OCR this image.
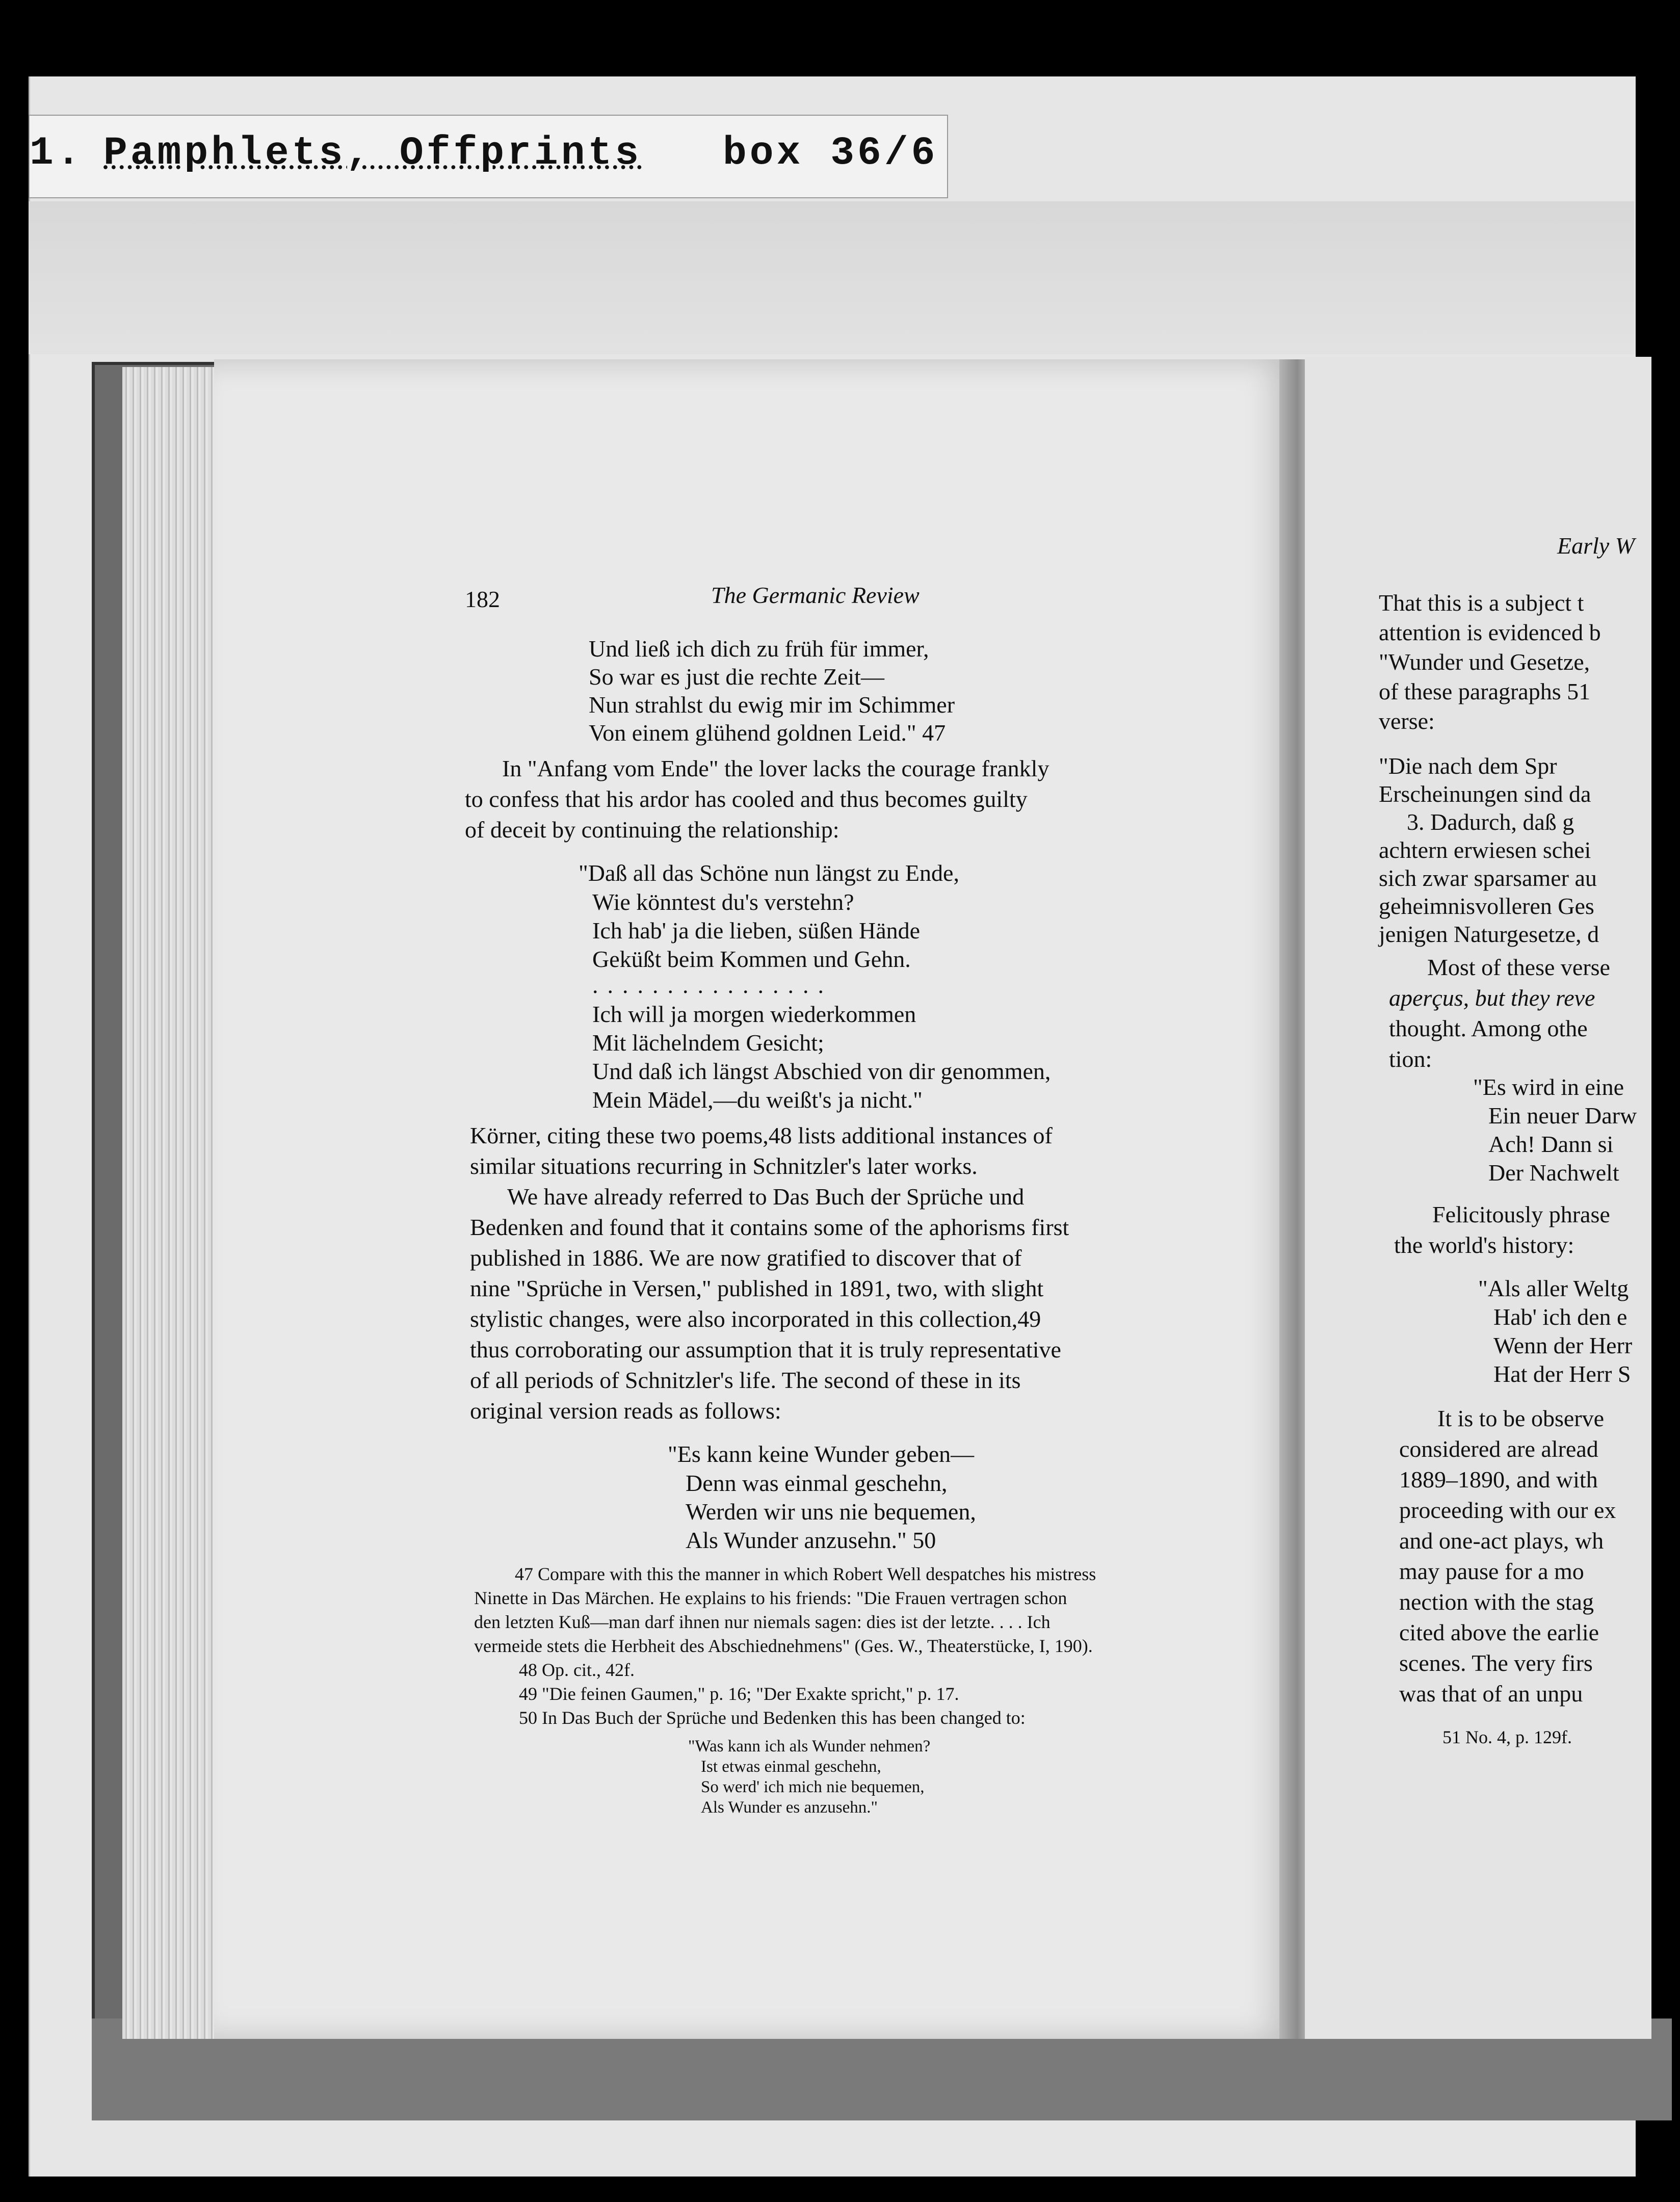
1. Pamphlets, Offprints box 36/6
182	The Germanic Review
Und ließ ich dich zu früh für immer,
So war es just die rechte Zeit—
Nun strahlst du ewig mir im Schimmer
Von einem glühend goldnen Leid." 47
In "Anfang vom Ende" the lover lacks the courage frankly
to confess that his ardor has cooled and thus becomes guilty
of deceit by continuing the relationship:
"Daß all das Schöne nun längst zu Ende,
Wie könntest du's verstehn?
Ich hab' ja die lieben, süßen Hände
Geküßt beim Kommen und Gehn.
................
Ich will ja morgen wiederkommen
Mit lächelndem Gesicht;
Und daß ich längst Abschied von dir genommen,
Mein Mädel,—du weißt's ja nicht."
Körner, citing these two poems,48 lists additional instances of
similar situations recurring in Schnitzler's later works.
We have already referred to Das Buch der Sprüche und
Bedenken and found that it contains some of the aphorisms first
published in 1886. We are now gratified to discover that of
nine "Sprüche in Versen," published in 1891, two, with slight
stylistic changes, were also incorporated in this collection,49
thus corroborating our assumption that it is truly representative
of all periods of Schnitzler's life. The second of these in its
original version reads as follows:
"Es kann keine Wunder geben—
Denn was einmal geschehn,
Werden wir uns nie bequemen,
Als Wunder anzusehn." 50
47 Compare with this the manner in which Robert Well despatches his mistress
Ninette in Das Märchen. He explains to his friends: "Die Frauen vertragen schon
den letzten Kuß—man darf ihnen nur niemals sagen: dies ist der letzte. . . . Ich
vermeide stets die Herbheit des Abschiednehmens" (Ges. W., Theaterstücke, I, 190).
48 Op. cit., 42f.
49 "Die feinen Gaumen," p. 16; "Der Exakte spricht," p. 17.
50 In Das Buch der Sprüche und Bedenken this has been changed to:
"Was kann ich als Wunder nehmen?
Ist etwas einmal geschehn,
So werd' ich mich nie bequemen,
Als Wunder es anzusehn."
Early W
That this is a subject t
attention is evidenced b
"Wunder und Gesetze,
of these paragraphs 51
verse:
"Die nach dem Spr
Erscheinungen sind da
3. Dadurch, daß g
achtern erwiesen schei
sich zwar sparsamer au
geheimnisvolleren Ges
jenigen Naturgesetze, d
Most of these verse
aperçus, but they reve
thought. Among othe
tion:
"Es wird in eine
Ein neuer Darw
Ach! Dann si
Der Nachwelt
Felicitously phrase
the world's history:
"Als aller Weltg
Hab' ich den e
Wenn der Herr
Hat der Herr S
It is to be observe
considered are alread
1889–1890, and with
proceeding with our ex
and one-act plays, wh
may pause for a mo
nection with the stag
cited above the earlie
scenes. The very firs
was that of an unpu
51 No. 4, p. 129f.
